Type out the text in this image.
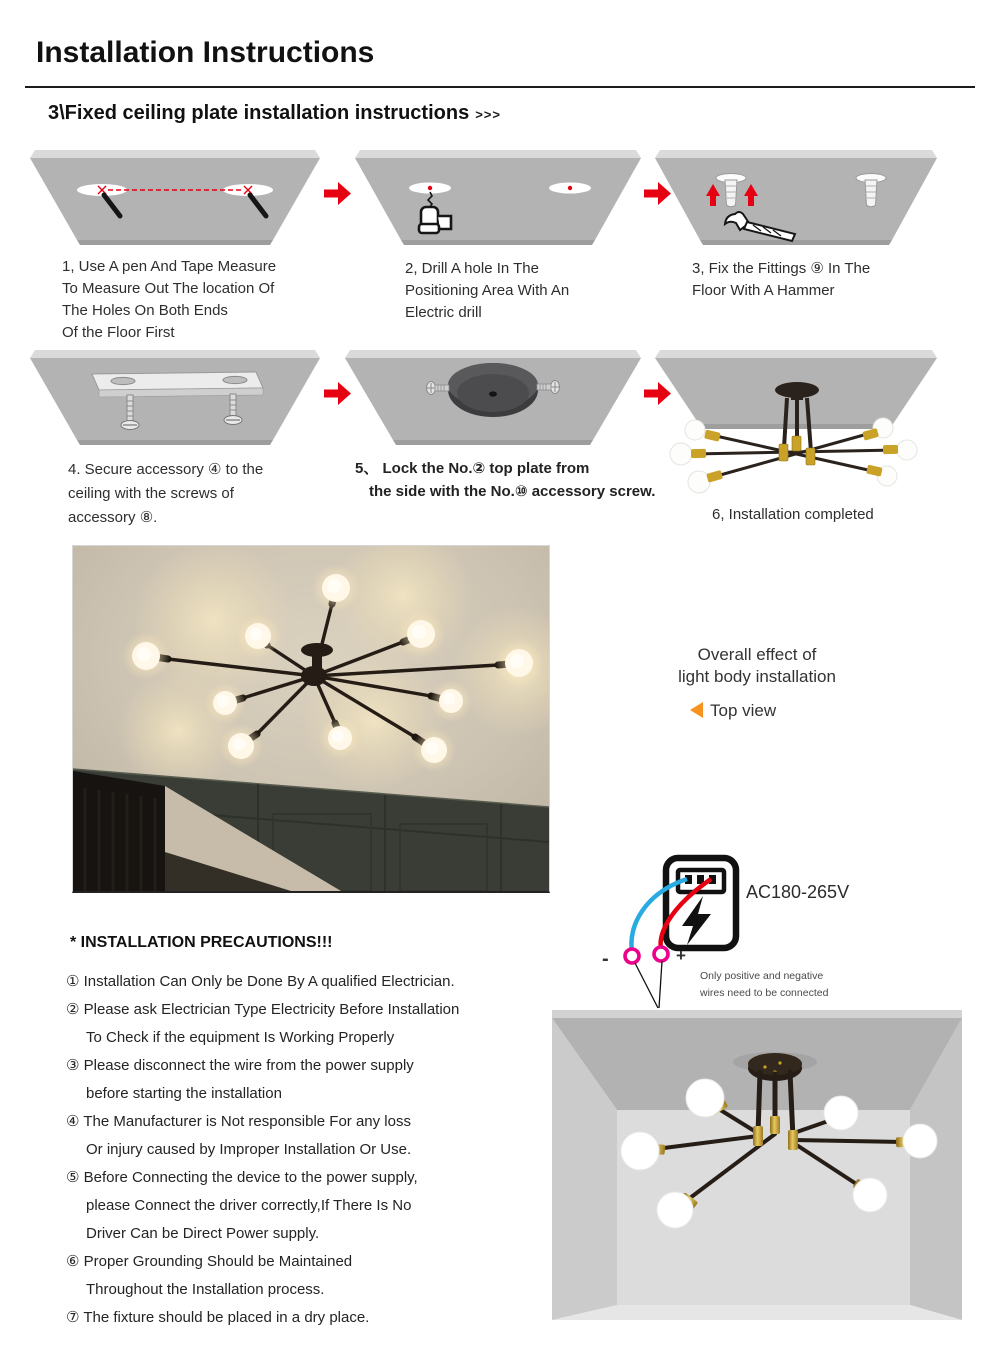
Installation Instructions
3\Fixed ceiling plate installation instructions >>>
1, Use A pen And Tape Measure
To Measure Out The location Of
The Holes On Both Ends
Of the Floor First
2, Drill A hole In The
Positioning Area With An
Electric drill
3, Fix the Fittings ⑨ In The
Floor With A Hammer
4. Secure accessory ④ to the
ceiling with the screws of
accessory ⑧.
5、 Lock the No.② top plate from
the side with the No.⑩ accessory screw.
6, Installation completed
Overall effect of
light body installation
Top view
AC180-265V
-	+
Only positive and negative
wires need to be connected
* INSTALLATION PRECAUTIONS!!!
① Installation Can Only be Done By A qualified Electrician.
② Please ask Electrician Type Electricity Before Installation
To Check if the equipment Is Working Properly
③ Please disconnect the wire from the power supply
before starting the installation
④ The Manufacturer is Not responsible For any loss
Or injury caused by Improper Installation Or Use.
⑤ Before Connecting the device to the power supply,
please Connect the driver correctly,If There Is No
Driver Can be Direct Power supply.
⑥ Proper Grounding Should be Maintained
Throughout the Installation process.
⑦ The fixture should be placed in a dry place.
